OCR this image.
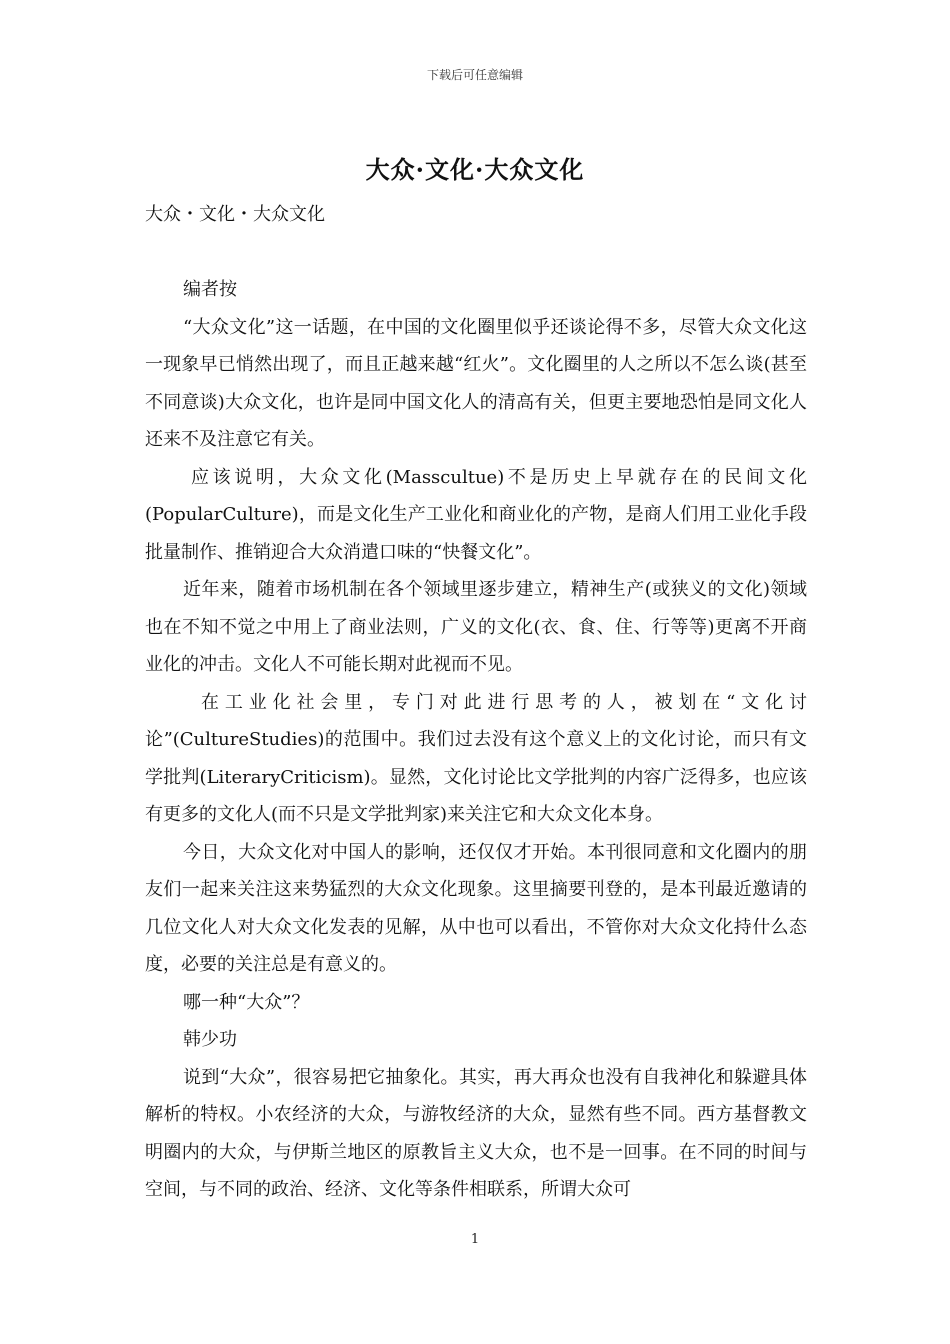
下载后可任意编辑
大众·文化·大众文化

大众・文化・大众文化

编者按

“大众文化”这一话题，在中国的文化圈里似乎还谈论得不多，尽管大众文化这一现象早已悄然出现了，而且正越来越“红火”。文化圈里的人之所以不怎么谈(甚至不同意谈)大众文化，也许是同中国文化人的清高有关，但更主要地恐怕是同文化人还来不及注意它有关。

应该说明，大众文化(Masscultue)不是历史上早就存在的民间文化(PopularCulture)，而是文化生产工业化和商业化的产物，是商人们用工业化手段批量制作、推销迎合大众消遣口味的“快餐文化”。

近年来，随着市场机制在各个领域里逐步建立，精神生产(或狭义的文化)领域也在不知不觉之中用上了商业法则，广义的文化(衣、食、住、行等等)更离不开商业化的冲击。文化人不可能长期对此视而不见。

在工业化社会里，专门对此进行思考的人，被划在“文化讨论”(CultureStudies)的范围中。我们过去没有这个意义上的文化讨论，而只有文学批判(LiteraryCriticism)。显然，文化讨论比文学批判的内容广泛得多，也应该有更多的文化人(而不只是文学批判家)来关注它和大众文化本身。

今日，大众文化对中国人的影响，还仅仅才开始。本刊很同意和文化圈内的朋友们一起来关注这来势猛烈的大众文化现象。这里摘要刊登的，是本刊最近邀请的几位文化人对大众文化发表的见解，从中也可以看出，不管你对大众文化持什么态度，必要的关注总是有意义的。

哪一种“大众”？

韩少功

说到“大众”，很容易把它抽象化。其实，再大再众也没有自我神化和躲避具体解析的特权。小农经济的大众，与游牧经济的大众，显然有些不同。西方基督教文明圈内的大众，与伊斯兰地区的原教旨主义大众，也不是一回事。在不同的时间与空间，与不同的政治、经济、文化等条件相联系，所谓大众可

1
